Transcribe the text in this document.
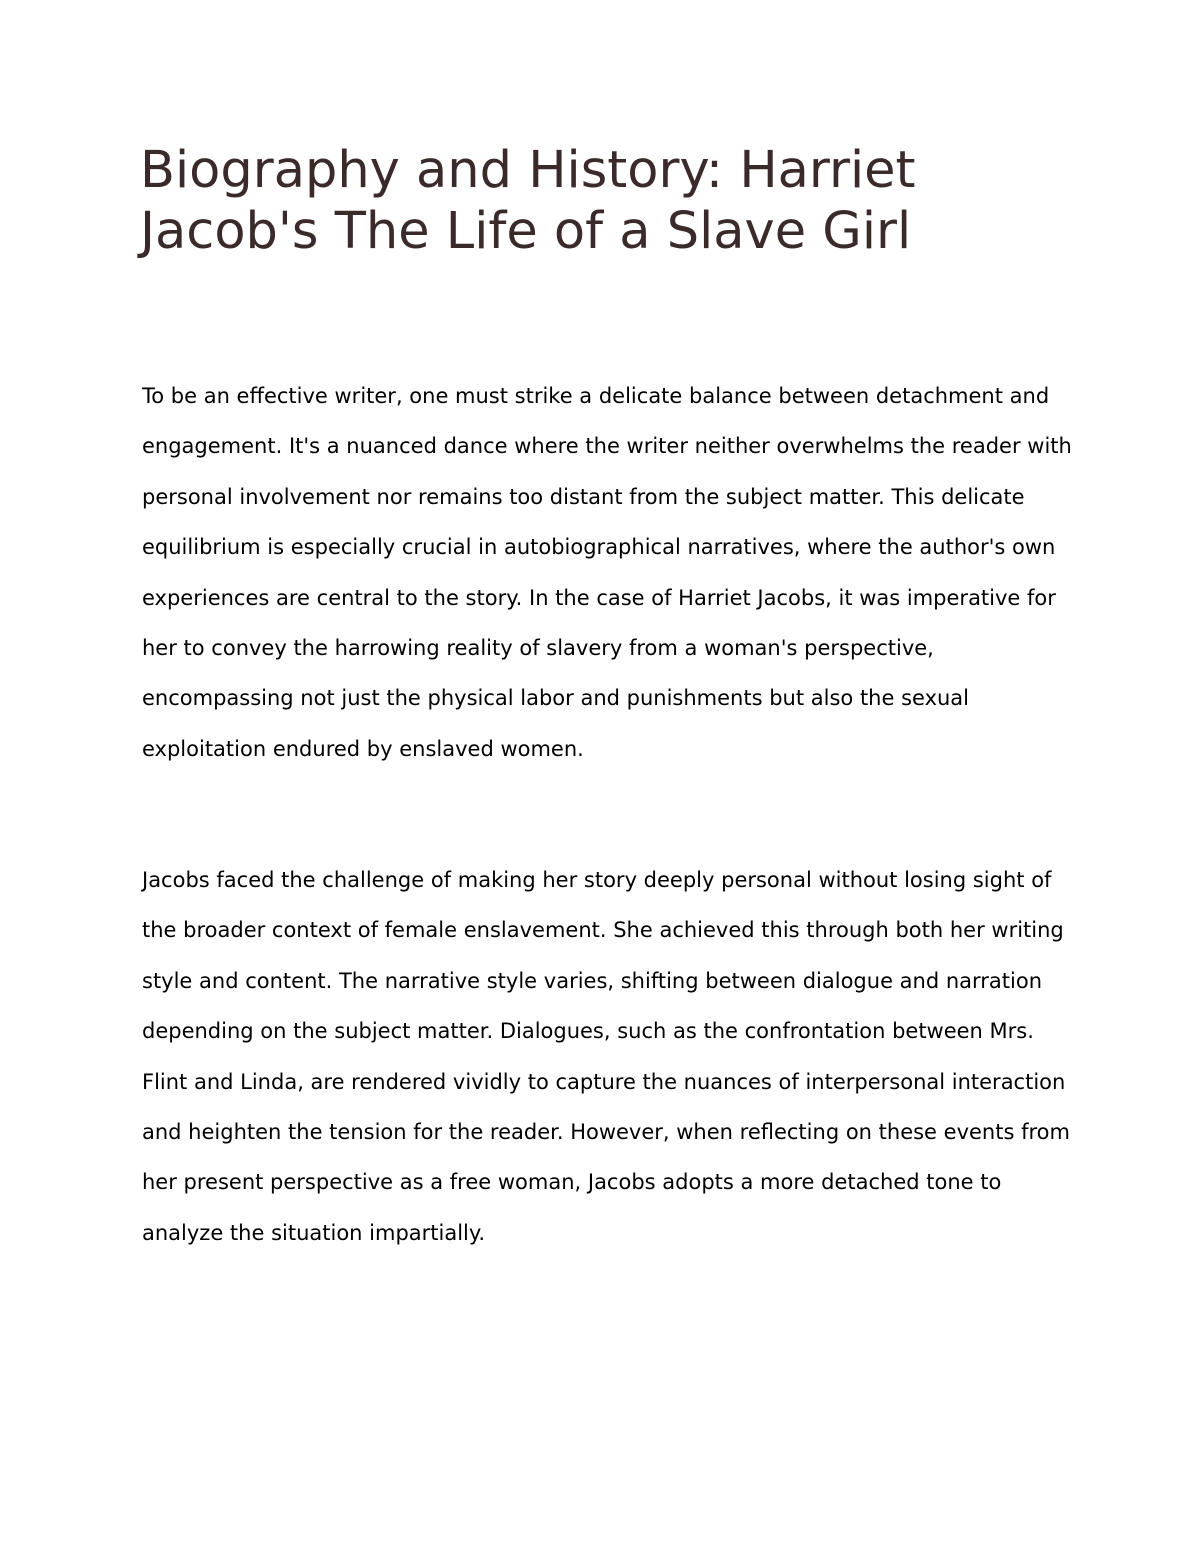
Biography and History: Harriet Jacob's The Life of a Slave Girl

To be an effective writer, one must strike a delicate balance between detachment and engagement. It's a nuanced dance where the writer neither overwhelms the reader with personal involvement nor remains too distant from the subject matter. This delicate equilibrium is especially crucial in autobiographical narratives, where the author's own experiences are central to the story. In the case of Harriet Jacobs, it was imperative for her to convey the harrowing reality of slavery from a woman's perspective, encompassing not just the physical labor and punishments but also the sexual exploitation endured by enslaved women.

Jacobs faced the challenge of making her story deeply personal without losing sight of the broader context of female enslavement. She achieved this through both her writing style and content. The narrative style varies, shifting between dialogue and narration depending on the subject matter. Dialogues, such as the confrontation between Mrs. Flint and Linda, are rendered vividly to capture the nuances of interpersonal interaction and heighten the tension for the reader. However, when reflecting on these events from her present perspective as a free woman, Jacobs adopts a more detached tone to analyze the situation impartially.
